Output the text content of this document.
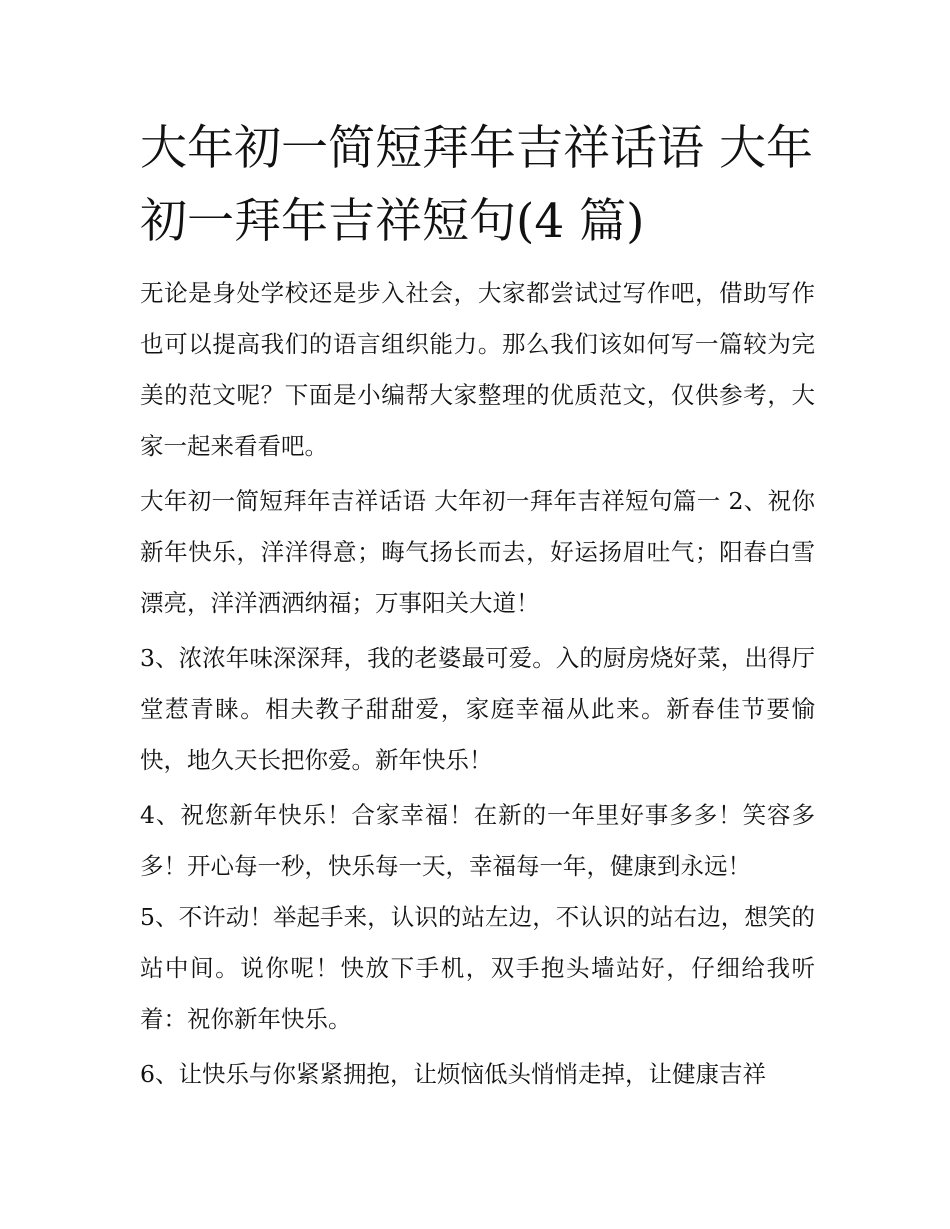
大年初一简短拜年吉祥话语 大年初一拜年吉祥短句(4 篇)

无论是身处学校还是步入社会，大家都尝试过写作吧，借助写作也可以提高我们的语言组织能力。那么我们该如何写一篇较为完美的范文呢？下面是小编帮大家整理的优质范文，仅供参考，大家一起来看看吧。

大年初一简短拜年吉祥话语 大年初一拜年吉祥短句篇一 2、祝你新年快乐，洋洋得意；晦气扬长而去，好运扬眉吐气；阳春白雪漂亮，洋洋洒洒纳福；万事阳关大道！

3、浓浓年味深深拜，我的老婆最可爱。入的厨房烧好菜，出得厅堂惹青睐。相夫教子甜甜爱，家庭幸福从此来。新春佳节要愉快，地久天长把你爱。新年快乐！

4、祝您新年快乐！合家幸福！在新的一年里好事多多！笑容多多！开心每一秒，快乐每一天，幸福每一年，健康到永远！

5、不许动！举起手来，认识的站左边，不认识的站右边，想笑的站中间。说你呢！快放下手机，双手抱头墙站好，仔细给我听着：祝你新年快乐。

6、让快乐与你紧紧拥抱，让烦恼低头悄悄走掉，让健康吉祥
